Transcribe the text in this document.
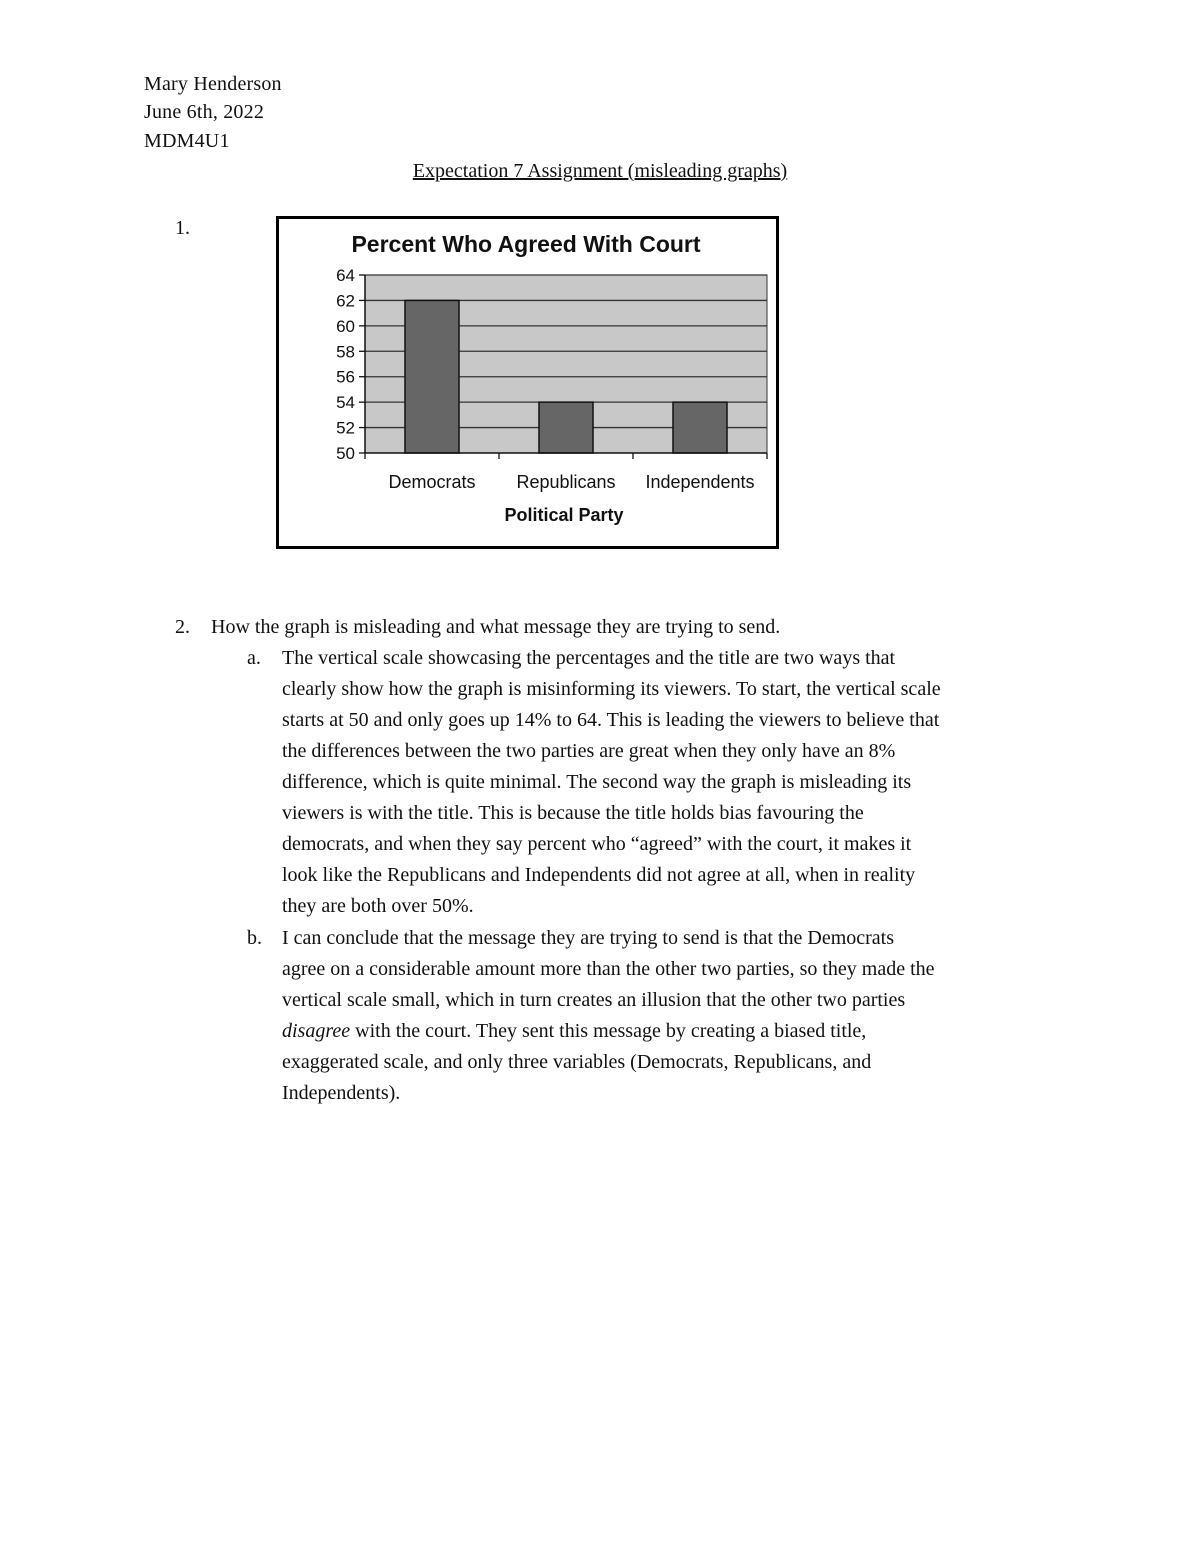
Mary Henderson
June 6th, 2022
MDM4U1
Expectation 7 Assignment (misleading graphs)
1.
Percent Who Agreed With Court
50
52
54
56
58
60
62
64
Democrats Republicans Independents
Political Party
2. How the graph is misleading and what message they are trying to send.
a. The vertical scale showcasing the percentages and the title are two ways that
clearly show how the graph is misinforming its viewers. To start, the vertical scale
starts at 50 and only goes up 14% to 64. This is leading the viewers to believe that
the differences between the two parties are great when they only have an 8%
difference, which is quite minimal. The second way the graph is misleading its
viewers is with the title. This is because the title holds bias favouring the
democrats, and when they say percent who “agreed” with the court, it makes it
look like the Republicans and Independents did not agree at all, when in reality
they are both over 50%.
b. I can conclude that the message they are trying to send is that the Democrats
agree on a considerable amount more than the other two parties, so they made the
vertical scale small, which in turn creates an illusion that the other two parties
disagree with the court. They sent this message by creating a biased title,
exaggerated scale, and only three variables (Democrats, Republicans, and
Independents).
